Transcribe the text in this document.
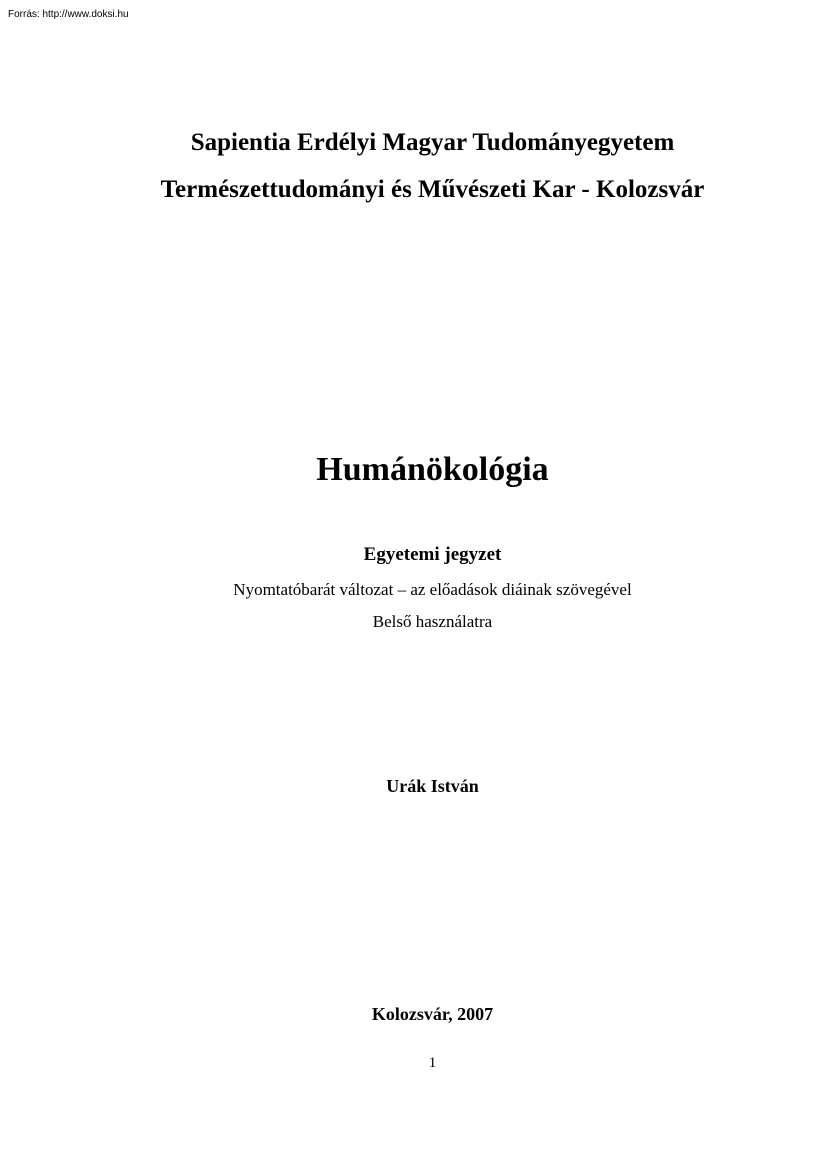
Forrás: http://www.doksi.hu
Sapientia Erdélyi Magyar Tudományegyetem
Természettudományi és Művészeti Kar - Kolozsvár
Humánökológia
Egyetemi jegyzet
Nyomtatóbarát változat – az előadások diáinak szövegével
Belső használatra
Urák István
Kolozsvár, 2007
1
